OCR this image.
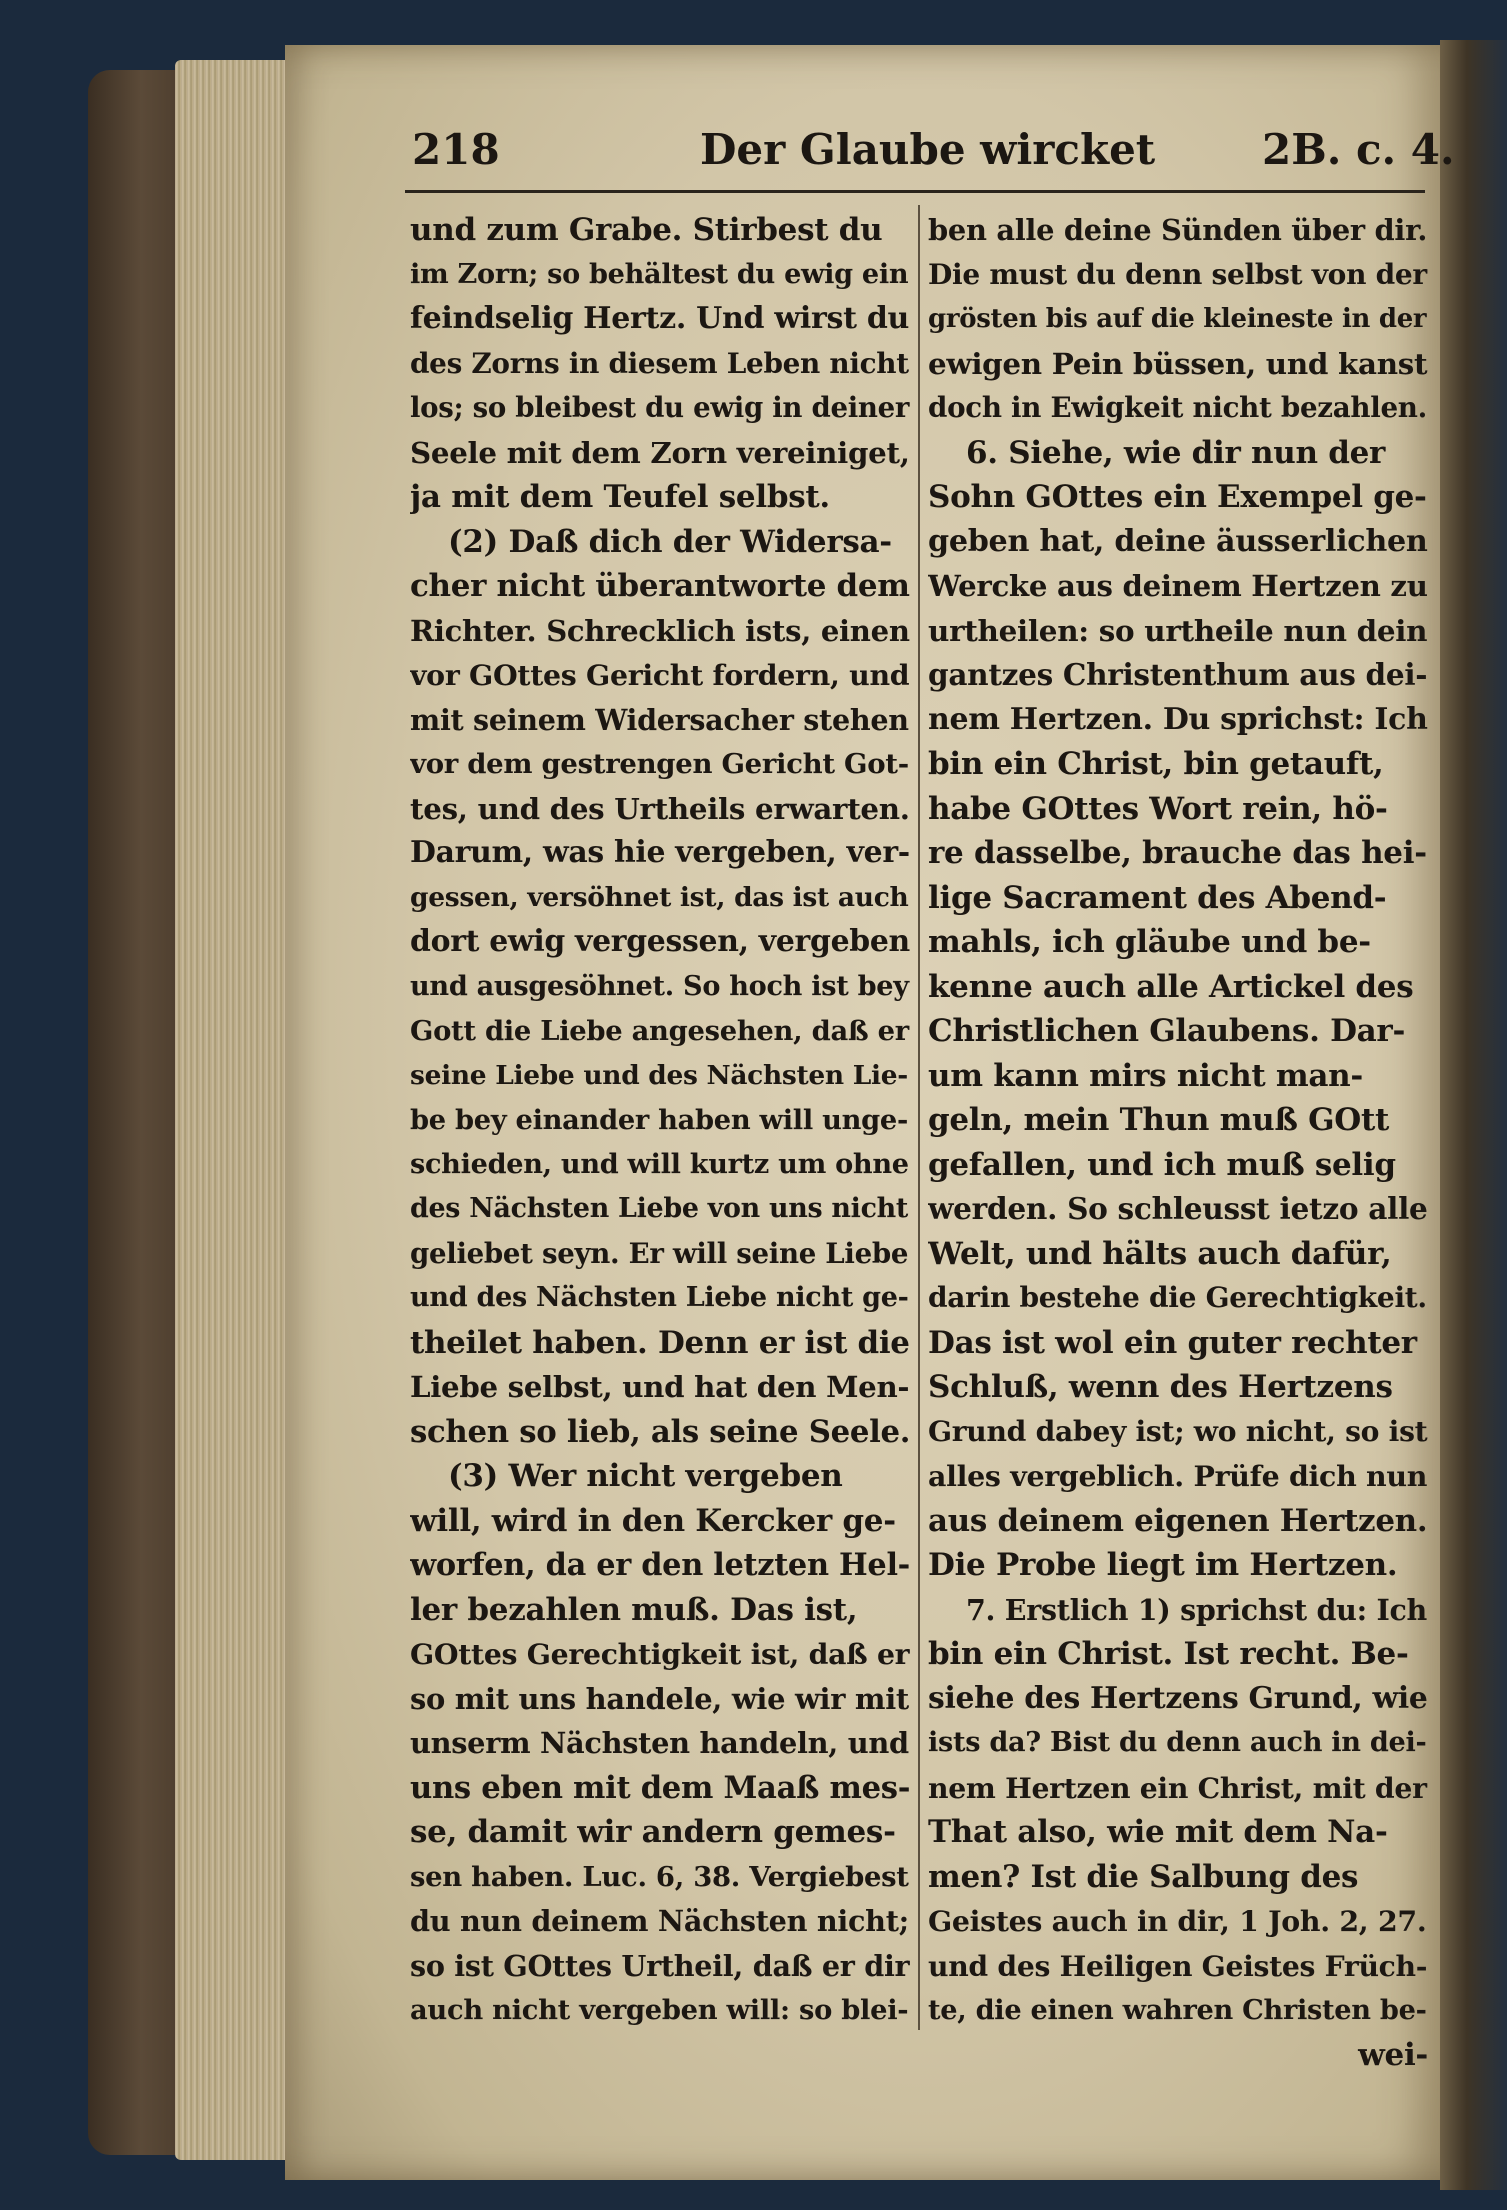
218	Der Glaube wircket	2B. c. 4.
und zum Grabe. Stirbest du
im Zorn; so behältest du ewig ein
feindselig Hertz. Und wirst du
des Zorns in diesem Leben nicht
los; so bleibest du ewig in deiner
Seele mit dem Zorn vereiniget,
ja mit dem Teufel selbst.
(2) Daß dich der Widersa-
cher nicht überantworte dem
Richter. Schrecklich ists, einen
vor GOttes Gericht fordern, und
mit seinem Widersacher stehen
vor dem gestrengen Gericht Got-
tes, und des Urtheils erwarten.
Darum, was hie vergeben, ver-
gessen, versöhnet ist, das ist auch
dort ewig vergessen, vergeben
und ausgesöhnet. So hoch ist bey
Gott die Liebe angesehen, daß er
seine Liebe und des Nächsten Lie-
be bey einander haben will unge-
schieden, und will kurtz um ohne
des Nächsten Liebe von uns nicht
geliebet seyn. Er will seine Liebe
und des Nächsten Liebe nicht ge-
theilet haben. Denn er ist die
Liebe selbst, und hat den Men-
schen so lieb, als seine Seele.
(3) Wer nicht vergeben
will, wird in den Kercker ge-
worfen, da er den letzten Hel-
ler bezahlen muß. Das ist,
GOttes Gerechtigkeit ist, daß er
so mit uns handele, wie wir mit
unserm Nächsten handeln, und
uns eben mit dem Maaß mes-
se, damit wir andern gemes-
sen haben. Luc. 6, 38. Vergiebest
du nun deinem Nächsten nicht;
so ist GOttes Urtheil, daß er dir
auch nicht vergeben will: so blei-
ben alle deine Sünden über dir.
Die must du denn selbst von der
grösten bis auf die kleineste in der
ewigen Pein büssen, und kanst
doch in Ewigkeit nicht bezahlen.
6. Siehe, wie dir nun der
Sohn GOttes ein Exempel ge-
geben hat, deine äusserlichen
Wercke aus deinem Hertzen zu
urtheilen: so urtheile nun dein
gantzes Christenthum aus dei-
nem Hertzen. Du sprichst: Ich
bin ein Christ, bin getauft,
habe GOttes Wort rein, hö-
re dasselbe, brauche das hei-
lige Sacrament des Abend-
mahls, ich gläube und be-
kenne auch alle Artickel des
Christlichen Glaubens. Dar-
um kann mirs nicht man-
geln, mein Thun muß GOtt
gefallen, und ich muß selig
werden. So schleusst ietzo alle
Welt, und hälts auch dafür,
darin bestehe die Gerechtigkeit.
Das ist wol ein guter rechter
Schluß, wenn des Hertzens
Grund dabey ist; wo nicht, so ist
alles vergeblich. Prüfe dich nun
aus deinem eigenen Hertzen.
Die Probe liegt im Hertzen.
7. Erstlich 1) sprichst du: Ich
bin ein Christ. Ist recht. Be-
siehe des Hertzens Grund, wie
ists da? Bist du denn auch in dei-
nem Hertzen ein Christ, mit der
That also, wie mit dem Na-
men? Ist die Salbung des
Geistes auch in dir, 1 Joh. 2, 27.
und des Heiligen Geistes Früch-
te, die einen wahren Christen be-
wei-
